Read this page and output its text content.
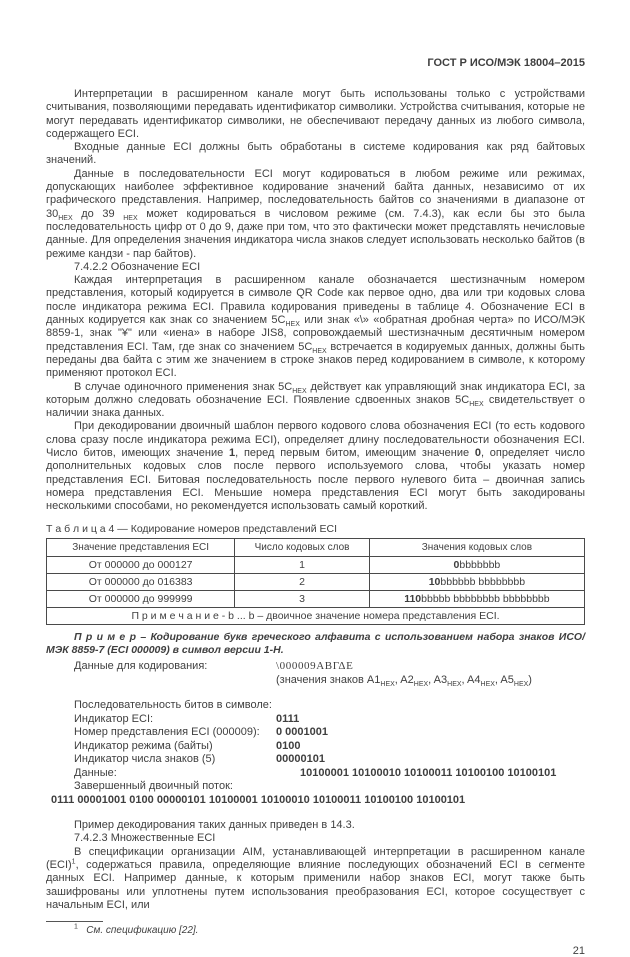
ГОСТ Р ИСО/МЭК 18004–2015

Интерпретации в расширенном канале могут быть использованы только с устройствами считывания, позволяющими передавать идентификатор символики. Устройства считывания, которые не могут передавать идентификатор символики, не обеспечивают передачу данных из любого символа, содержащего ECI.

Входные данные ECI должны быть обработаны в системе кодирования как ряд байтовых значений.

Данные в последовательности ECI могут кодироваться в любом режиме или режимах, допускающих наиболее эффективное кодирование значений байта данных, независимо от их графического представления. Например, последовательность байтов со значениями в диапазоне от $30_{HEX}$ до 39 $_{HEX}$ может кодироваться в числовом режиме (см. 7.4.3), как если бы это была последовательность цифр от 0 до 9, даже при том, что это фактически может представлять нечисловые данные. Для определения значения индикатора числа знаков следует использовать несколько байтов (в режиме кандзи - пар байтов).

7.4.2.2 Обозначение ECI

Каждая интерпретация в расширенном канале обозначается шестизначным номером представления, который кодируется в символе QR Code как первое одно, два или три кодовых слова после индикатора режима ECI. Правила кодирования приведены в таблице 4. Обозначение ECI в данных кодируется как знак со значением $5C_{HEX}$ или знак «\» «обратная дробная черта» по ИСО/МЭК 8859-1, знак "¥" или «иена» в наборе JIS8, сопровождаемый шестизначным десятичным номером представления ECI. Там, где знак со значением $5C_{HEX}$ встречается в кодируемых данных, должны быть переданы два байта с этим же значением в строке знаков перед кодированием в символе, к которому применяют протокол ECI.

В случае одиночного применения знак $5C_{HEX}$ действует как управляющий знак индикатора ECI, за которым должно следовать обозначение ECI. Появление сдвоенных знаков $5C_{HEX}$ свидетельствует о наличии знака данных.

При декодировании двоичный шаблон первого кодового слова обозначения ECI (то есть кодового слова сразу после индикатора режима ECI), определяет длину последовательности обозначения ECI. Число битов, имеющих значение 1, перед первым битом, имеющим значение 0, определяет число дополнительных кодовых слов после первого используемого слова, чтобы указать номер представления ECI. Битовая последовательность после первого нулевого бита – двоичная запись номера представления ECI. Меньшие номера представления ECI могут быть закодированы несколькими способами, но рекомендуется использовать самый короткий.

Т а б л и ц а 4 — Кодирование номеров представлений ECI
Значение представления ECI	Число кодовых слов	Значения кодовых слов
От 000000 до 000127	1	0bbbbbbb
От 000000 до 016383	2	10bbbbbb bbbbbbbb
От 000000 до 999999	3	110bbbbb bbbbbbbb bbbbbbbb
П р и м е ч а н и е - b ... b – двоичное значение номера представления ECI.		

П р и м е р – Кодирование букв греческого алфавита с использованием набора знаков ИСО/МЭК 8859-7 (ECI 000009) в символ версии 1-Н.

Данные для кодирования:	\000009ΑΒΓΔΕ
(значения знаков $A1_{HEX}$, $A2_{HEX}$, $A3_{HEX}$, $A4_{HEX}$, $A5_{HEX}$)
Последовательность битов в символе:
Индикатор ECI:	0111
Номер представления ECI (000009):	0 0001001
Индикатор режима (байты)	0100
Индикатор числа знаков (5)	00000101
Данные:	10100001 10100010 10100011 10100100 10100101
Завершенный двоичный поток:
0111 00001001 0100 00000101 10100001 10100010 10100011 10100100 10100101

Пример декодирования таких данных приведен в 14.3.

7.4.2.3 Множественные ECI

В спецификации организации AIM, устанавливающей интерпретации в расширенном канале (ECI)$^1$, содержаться правила, определяющие влияние последующих обозначений ECI в сегменте данных ECI. Например данные, к которым применили набор знаков ECI, могут также быть зашифрованы или уплотнены путем использования преобразования ECI, которое сосуществует с начальным ECI, или

$^1$ См. спецификацию [22].
21
